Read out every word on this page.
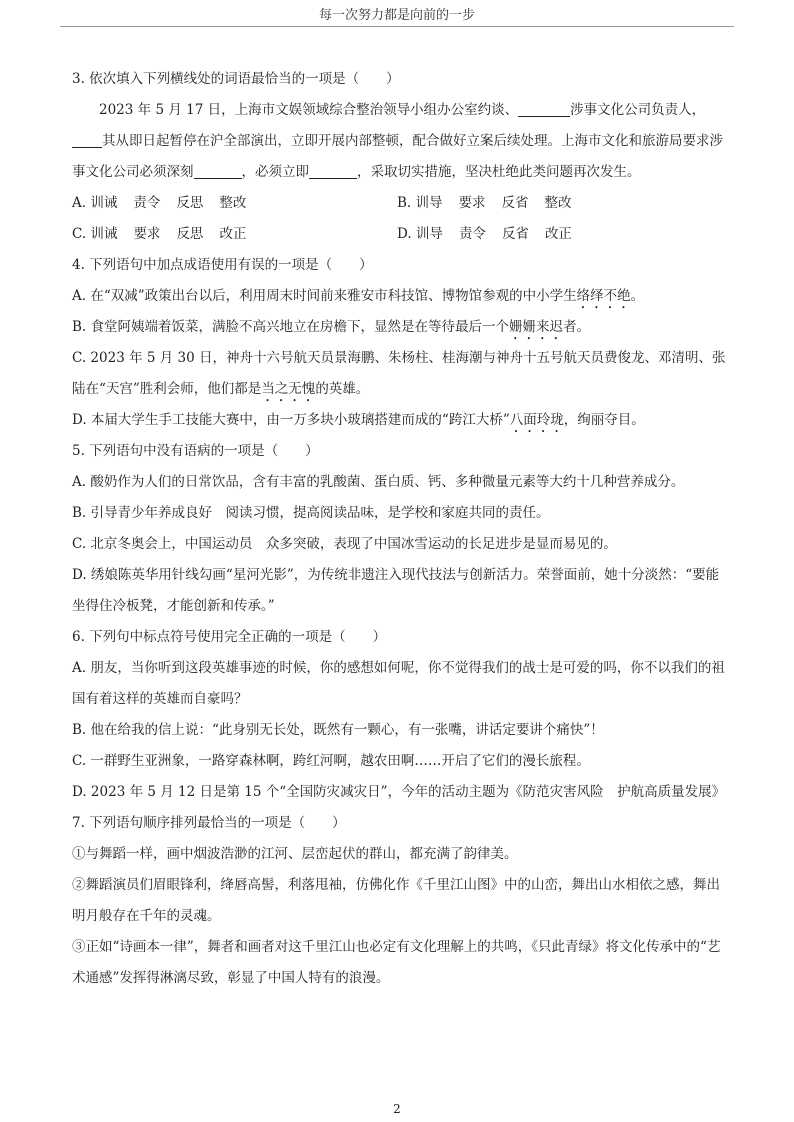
每一次努力都是向前的一步

3. 依次填入下列横线处的词语最恰当的一项是（　　）

2023 年 5 月 17 日，上海市文娱领域综合整治领导小组办公室约谈、	涉事文化公司负责人，其从即日起暂停在沪全部演出，立即开展内部整顿，配合做好立案后续处理。上海市文化和旅游局要求涉事文化公司必须深刻	，必须立即	，采取切实措施，坚决杜绝此类问题再次发生。

A. 训诫 责令 反思 整改	B. 训导 要求 反省 整改
C. 训诫 要求 反思 改正	D. 训导 责令 反省 改正

4. 下列语句中加点成语使用有误的一项是（　　）

A. 在“双减”政策出台以后，利用周末时间前来雅安市科技馆、博物馆参观的中小学生络绎不绝。

B. 食堂阿姨端着饭菜，满脸不高兴地立在房檐下，显然是在等待最后一个姗姗来迟者。

C. 2023 年 5 月 30 日，神舟十六号航天员景海鹏、朱杨柱、桂海潮与神舟十五号航天员费俊龙、邓清明、张陆在“天宫”胜利会师，他们都是当之无愧的英雄。

D. 本届大学生手工技能大赛中，由一万多块小玻璃搭建而成的“跨江大桥”八面玲珑，绚丽夺目。

5. 下列语句中没有语病的一项是（　　）

A. 酸奶作为人们的日常饮品，含有丰富的乳酸菌、蛋白质、钙、多种微量元素等大约十几种营养成分。

B. 引导青少年养成良好　阅读习惯，提高阅读品味，是学校和家庭共同的责任。

C. 北京冬奥会上，中国运动员　众多突破，表现了中国冰雪运动的长足进步是显而易见的。

D. 绣娘陈英华用针线勾画“星河光影”，为传统非遗注入现代技法与创新活力。荣誉面前，她十分淡然：“要能坐得住冷板凳，才能创新和传承。”

6. 下列句中标点符号使用完全正确的一项是（　　）

A. 朋友，当你听到这段英雄事迹的时候，你的感想如何呢，你不觉得我们的战士是可爱的吗，你不以我们的祖国有着这样的英雄而自豪吗？

B. 他在给我的信上说：“此身别无长处，既然有一颗心，有一张嘴，讲话定要讲个痛快”！

C. 一群野生亚洲象，一路穿森林啊，跨红河啊，越农田啊……开启了它们的漫长旅程。

D. 2023 年 5 月 12 日是第 15 个“全国防灾减灾日”，今年的活动主题为《防范灾害风险　护航高质量发展》

7. 下列语句顺序排列最恰当的一项是（　　）

①与舞蹈一样，画中烟波浩渺的江河、层峦起伏的群山，都充满了韵律美。

②舞蹈演员们眉眼锋利，绛唇高髻，利落甩袖，仿佛化作《千里江山图》中的山峦，舞出山水相依之感，舞出明月般存在千年的灵魂。

③正如“诗画本一律”，舞者和画者对这千里江山也必定有文化理解上的共鸣，《只此青绿》将文化传承中的“艺术通感”发挥得淋漓尽致，彰显了中国人特有的浪漫。

2
